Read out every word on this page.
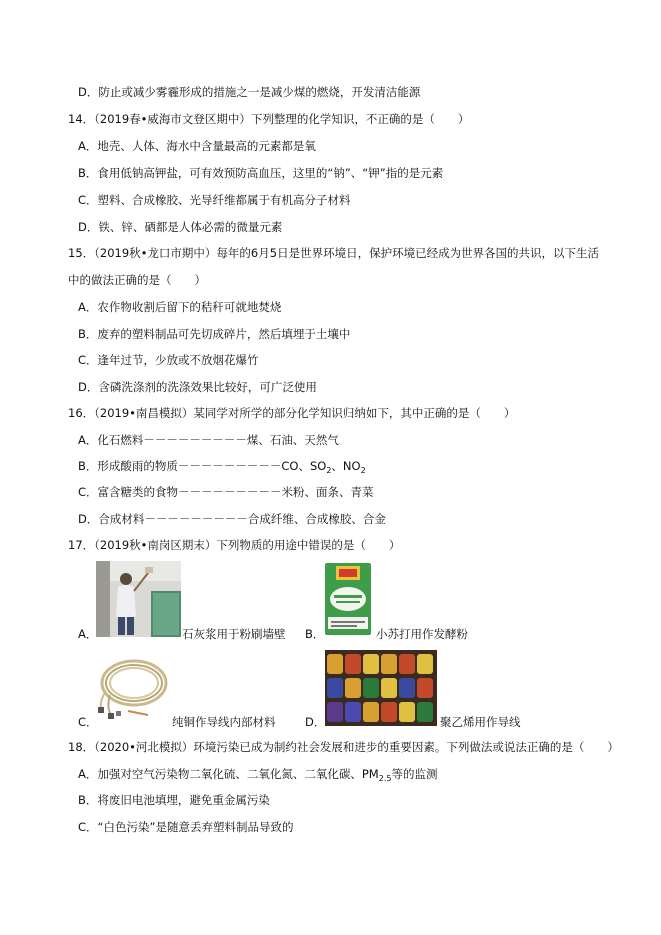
D．防止或减少雾霾形成的措施之一是减少煤的燃烧，开发清洁能源
14．（2019春•威海市文登区期中）下列整理的化学知识，不正确的是（　　）
A．地壳、人体、海水中含量最高的元素都是氧
B．食用低钠高钾盐，可有效预防高血压，这里的“钠”、“钾”指的是元素
C．塑料、合成橡胶、光导纤维都属于有机高分子材料
D．铁、锌、硒都是人体必需的微量元素
15．（2019秋•龙口市期中）每年的6月5日是世界环境日，保护环境已经成为世界各国的共识，以下生活
中的做法正确的是（　　）
A．农作物收割后留下的秸秆可就地焚烧
B．废弃的塑料制品可先切成碎片，然后填埋于土壤中
C．逢年过节，少放或不放烟花爆竹
D．含磷洗涤剂的洗涤效果比较好，可广泛使用
16．（2019•南昌模拟）某同学对所学的部分化学知识归纳如下，其中正确的是（　　）
A．化石燃料－－－－－－－－－煤、石油、天然气
B．形成酸雨的物质－－－－－－－－－CO、$SO_2$、$NO_2$
C．富含糖类的食物－－－－－－－－－米粉、面条、青菜
D．合成材料－－－－－－－－－合成纤维、合成橡胶、合金
17．（2019秋•南岗区期末）下列物质的用途中错误的是（　　）
A．	石灰浆用于粉刷墙壁 B．	小苏打用作发酵粉
C．	纯铜作导线内部材料	D．	聚乙烯用作导线
18．（2020•河北模拟）环境污染已成为制约社会发展和进步的重要因素。下列做法或说法正确的是（　　）
A．加强对空气污染物二氧化硫、二氧化氮、二氧化碳、$PM_{2.5}$等的监测
B．将废旧电池填埋，避免重金属污染
C．“白色污染”是随意丢弃塑料制品导致的
